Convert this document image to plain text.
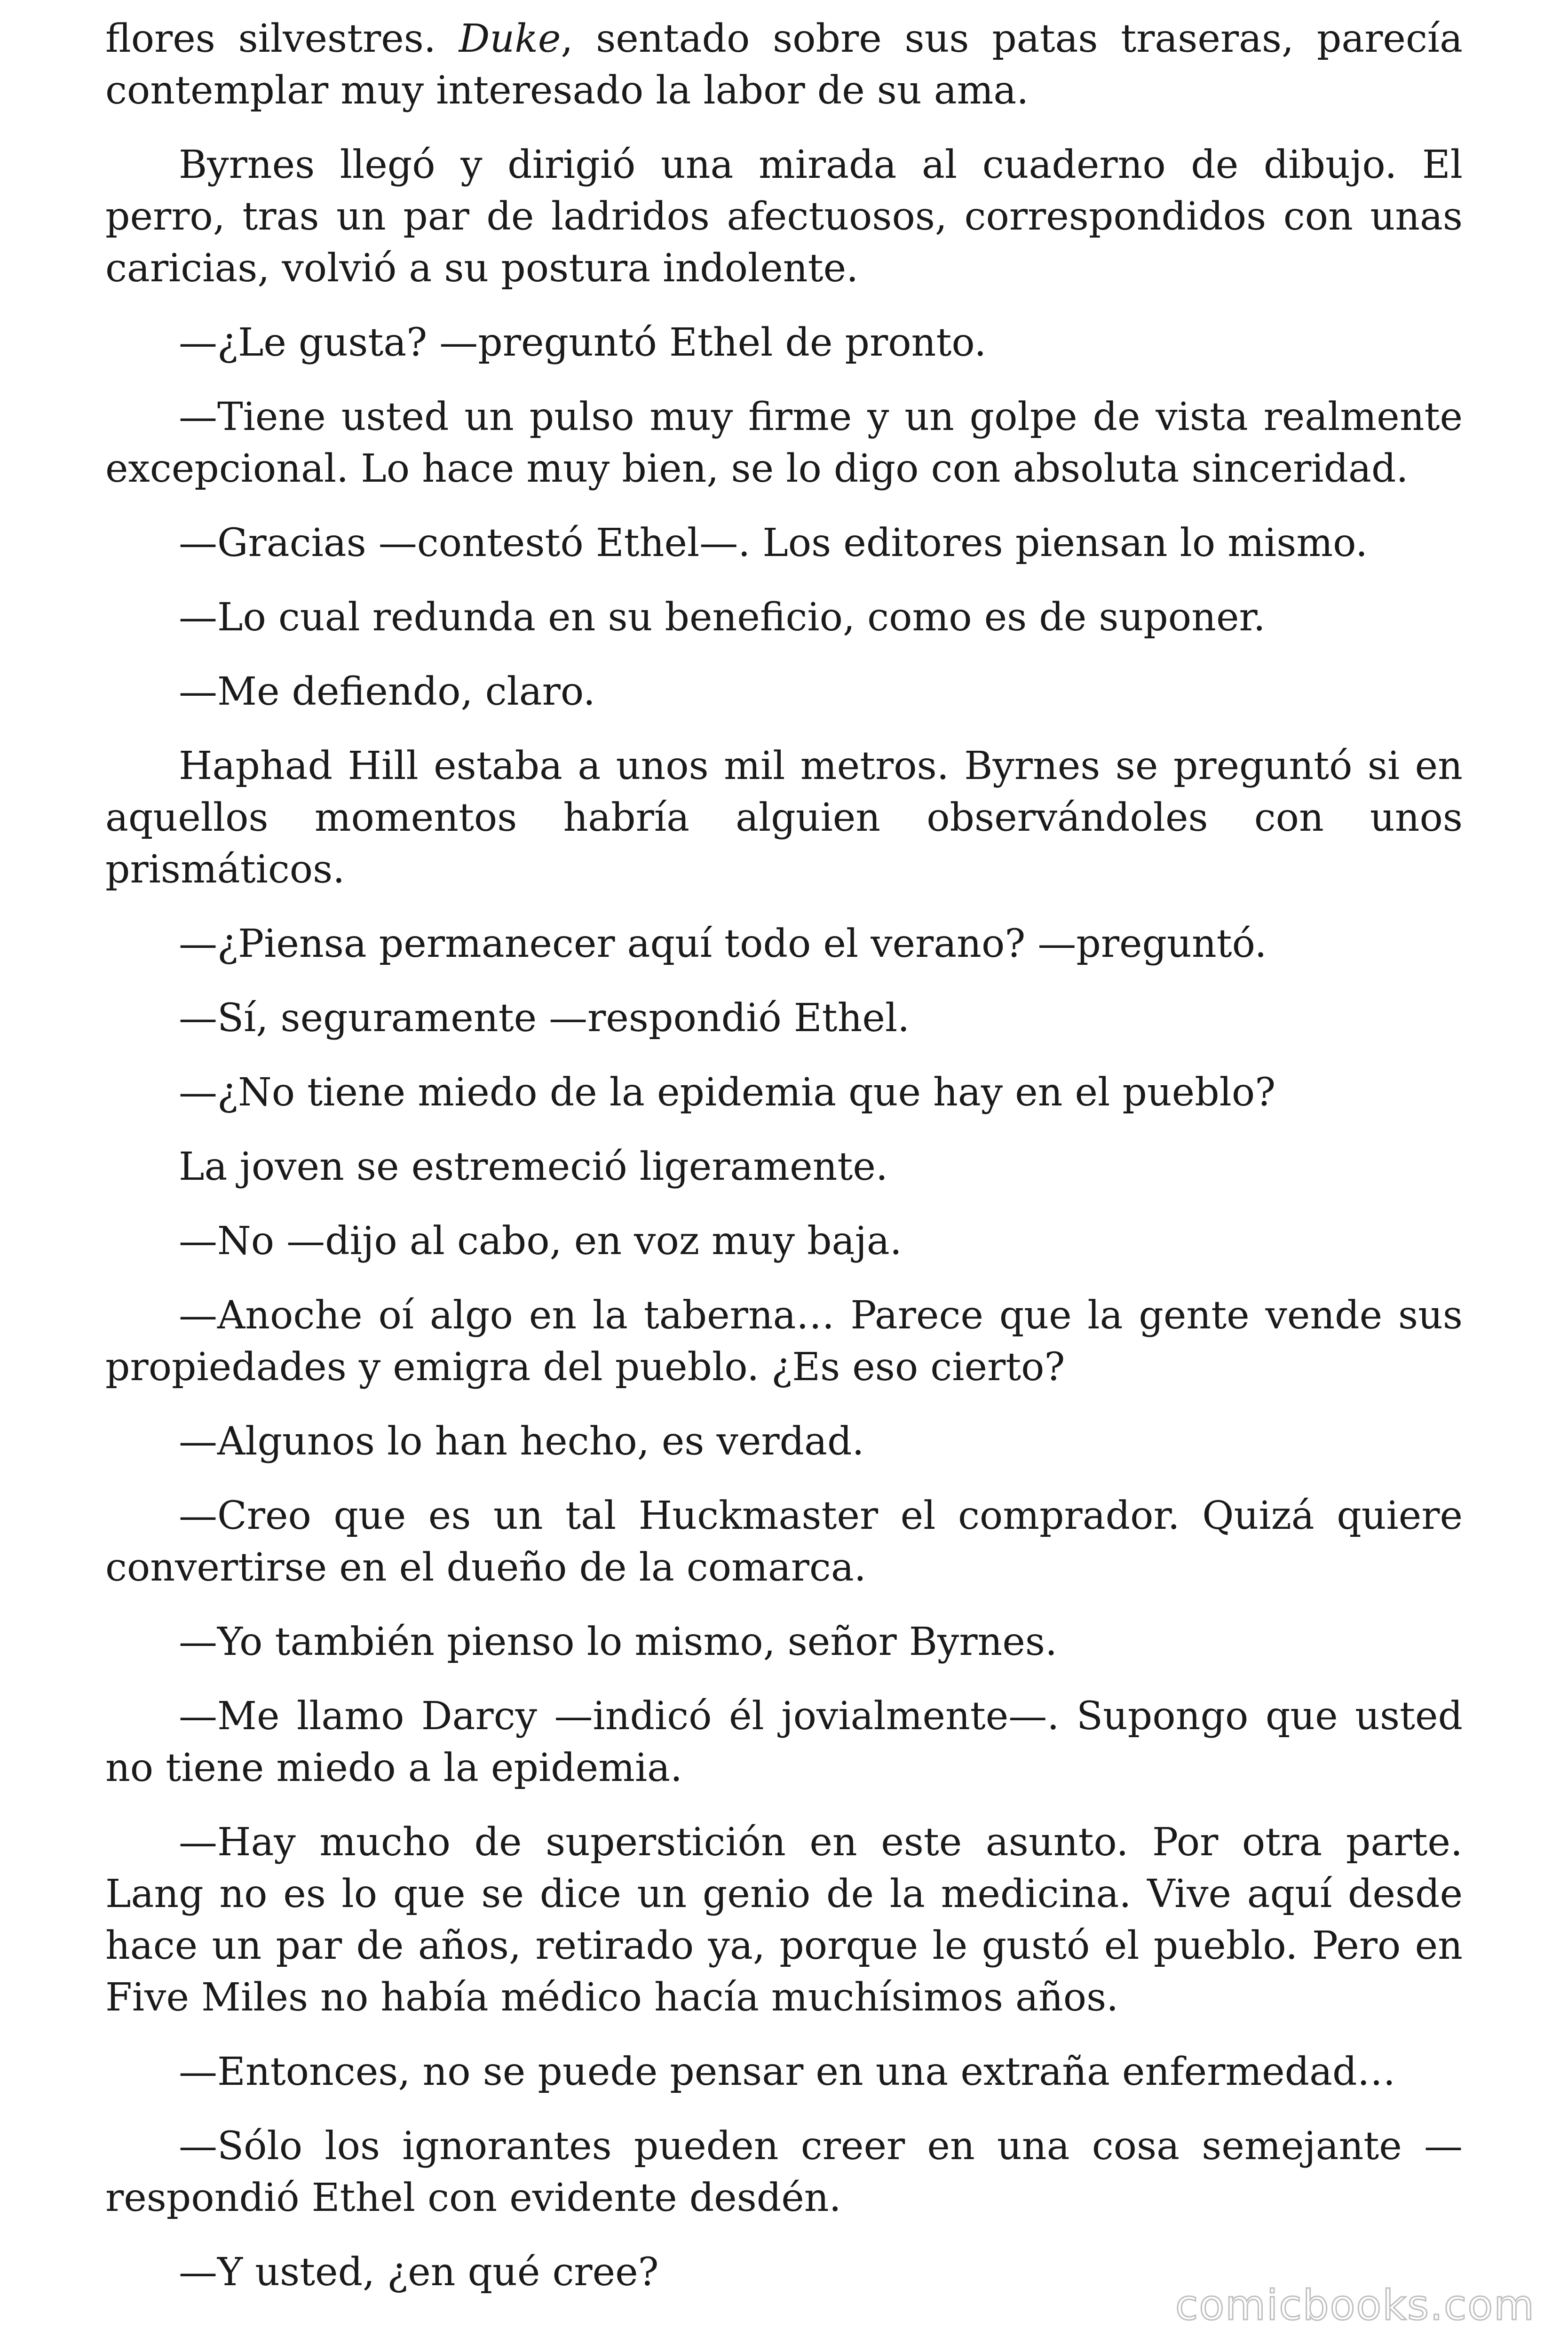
flores silvestres. Duke, sentado sobre sus patas traseras, parecía contemplar muy interesado la labor de su ama.

Byrnes llegó y dirigió una mirada al cuaderno de dibujo. El perro, tras un par de ladridos afectuosos, correspondidos con unas caricias, volvió a su postura indolente.

—¿Le gusta? —preguntó Ethel de pronto.

—Tiene usted un pulso muy firme y un golpe de vista realmente excepcional. Lo hace muy bien, se lo digo con absoluta sinceridad.

—Gracias —contestó Ethel—. Los editores piensan lo mismo.

—Lo cual redunda en su beneficio, como es de suponer.

—Me defiendo, claro.

Haphad Hill estaba a unos mil metros. Byrnes se preguntó si en aquellos momentos habría alguien observándoles con unos prismáticos.

—¿Piensa permanecer aquí todo el verano? —preguntó.

—Sí, seguramente —respondió Ethel.

—¿No tiene miedo de la epidemia que hay en el pueblo?

La joven se estremeció ligeramente.

—No —dijo al cabo, en voz muy baja.

—Anoche oí algo en la taberna… Parece que la gente vende sus propiedades y emigra del pueblo. ¿Es eso cierto?

—Algunos lo han hecho, es verdad.

—Creo que es un tal Huckmaster el comprador. Quizá quiere convertirse en el dueño de la comarca.

—Yo también pienso lo mismo, señor Byrnes.

—Me llamo Darcy —indicó él jovialmente—. Supongo que usted no tiene miedo a la epidemia.

—Hay mucho de superstición en este asunto. Por otra parte. Lang no es lo que se dice un genio de la medicina. Vive aquí desde hace un par de años, retirado ya, porque le gustó el pueblo. Pero en Five Miles no había médico hacía muchísimos años.

—Entonces, no se puede pensar en una extraña enfermedad…

—Sólo los ignorantes pueden creer en una cosa semejante —respondió Ethel con evidente desdén.

—Y usted, ¿en qué cree?

comicbooks.com
